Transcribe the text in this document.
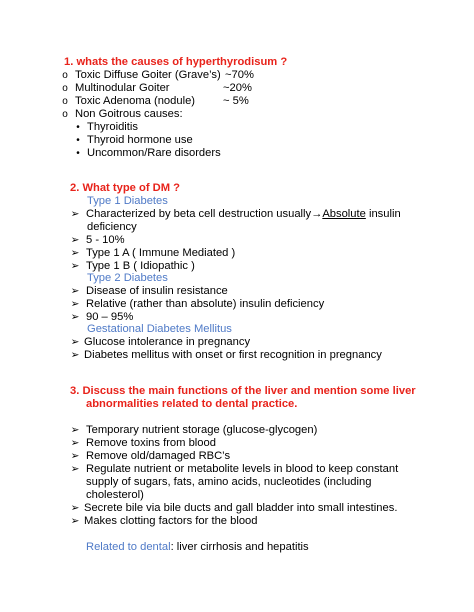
1. whats the causes of hyperthyrodisum ?
o Toxic Diffuse Goiter (Grave’s) ~70%
o Multinodular Goiter	~20%
o Toxic Adenoma (nodule) ~ 5%
o Non Goitrous causes:
• Thyroiditis
• Thyroid hormone use
• Uncommon/Rare disorders
2. What type of DM ?
Type 1 Diabetes
➢ Characterized by beta cell destruction usually→Absolute insulin
deficiency
➢ 5 - 10%
➢ Type 1 A ( Immune Mediated )
➢ Type 1 B ( Idiopathic )
Type 2 Diabetes
➢ Disease of insulin resistance
➢ Relative (rather than absolute) insulin deficiency
➢ 90 – 95%
Gestational Diabetes Mellitus
➢ Glucose intolerance in pregnancy
➢ Diabetes mellitus with onset or first recognition in pregnancy
3. Discuss the main functions of the liver and mention some liver
abnormalities related to dental practice.
➢ Temporary nutrient storage (glucose-glycogen)
➢ Remove toxins from blood
➢ Remove old/damaged RBC’s
➢ Regulate nutrient or metabolite levels in blood to keep constant
supply of sugars, fats, amino acids, nucleotides (including
cholesterol)
➢ Secrete bile via bile ducts and gall bladder into small intestines.
➢ Makes clotting factors for the blood
Related to dental: liver cirrhosis and hepatitis
